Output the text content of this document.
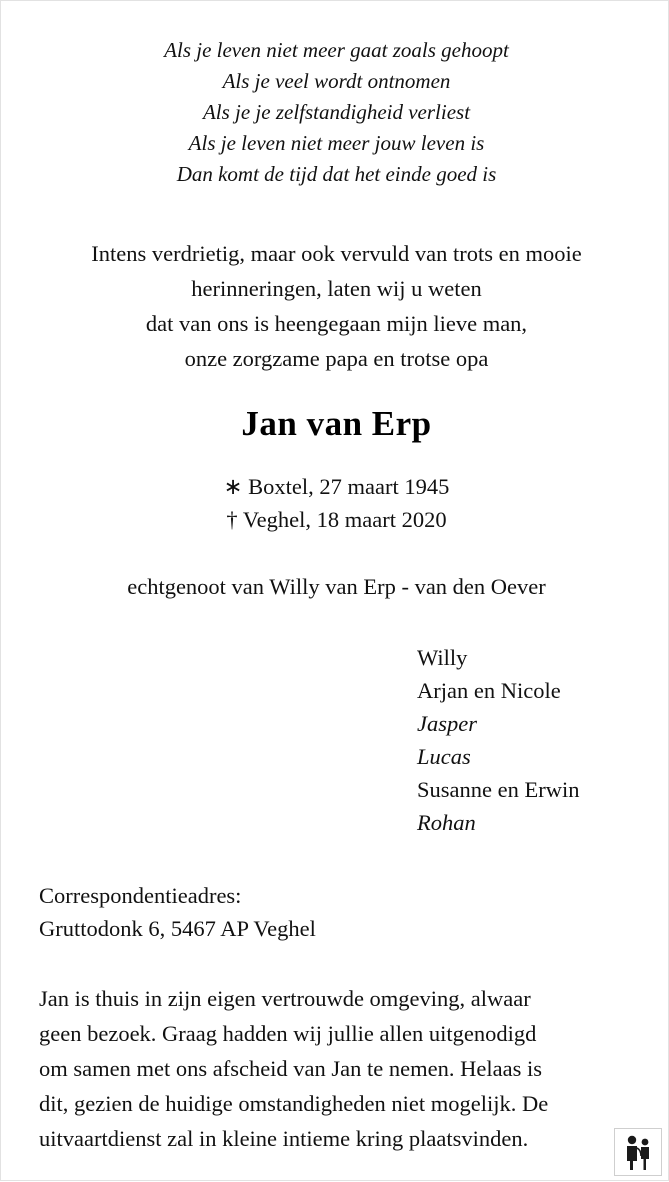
Als je leven niet meer gaat zoals gehoopt
Als je veel wordt ontnomen
Als je je zelfstandigheid verliest
Als je leven niet meer jouw leven is
Dan komt de tijd dat het einde goed is
Intens verdrietig, maar ook vervuld van trots en mooie
herinneringen, laten wij u weten
dat van ons is heengegaan mijn lieve man,
onze zorgzame papa en trotse opa
Jan van Erp
∗ Boxtel, 27 maart 1945
† Veghel, 18 maart 2020
echtgenoot van Willy van Erp - van den Oever
Willy
Arjan en Nicole
Jasper
Lucas
Susanne en Erwin
Rohan
Correspondentieadres:
Gruttodonk 6, 5467 AP Veghel
Jan is thuis in zijn eigen vertrouwde omgeving, alwaar
geen bezoek. Graag hadden wij jullie allen uitgenodigd
om samen met ons afscheid van Jan te nemen. Helaas is
dit, gezien de huidige omstandigheden niet mogelijk. De
uitvaartdienst zal in kleine intieme kring plaatsvinden.
